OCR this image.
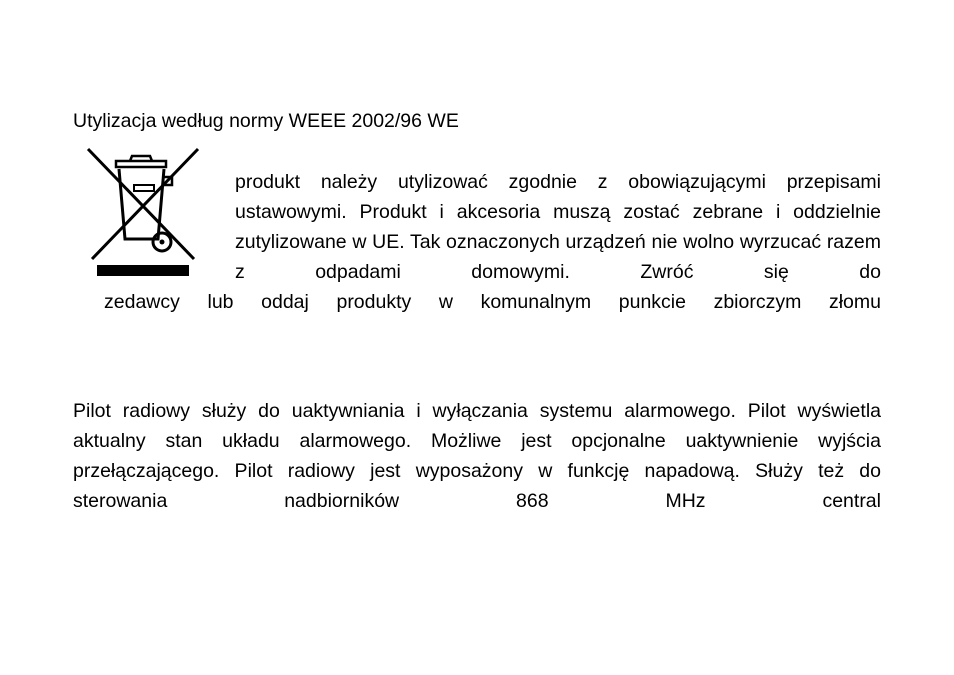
Utylizacja według normy WEEE 2002/96 WE
produkt należy utylizować zgodnie z obowiązującymi przepisami ustawowymi. Produkt i akcesoria muszą zostać zebrane i oddzielnie zutylizowane w UE. Tak oznaczonych urządzeń nie wolno wyrzucać razem z odpadami domowymi. Zwróć się do
zedawcy lub oddaj produkty w komunalnym punkcie zbiorczym złomu
Pilot radiowy służy do uaktywniania i wyłączania systemu alarmowego. Pilot wyświetla aktualny stan układu alarmowego. Możliwe jest opcjonalne uaktywnienie wyjścia przełączającego. Pilot radiowy jest wyposażony w funkcję napadową. Służy też do sterowania nadbiorników 868 MHz central
